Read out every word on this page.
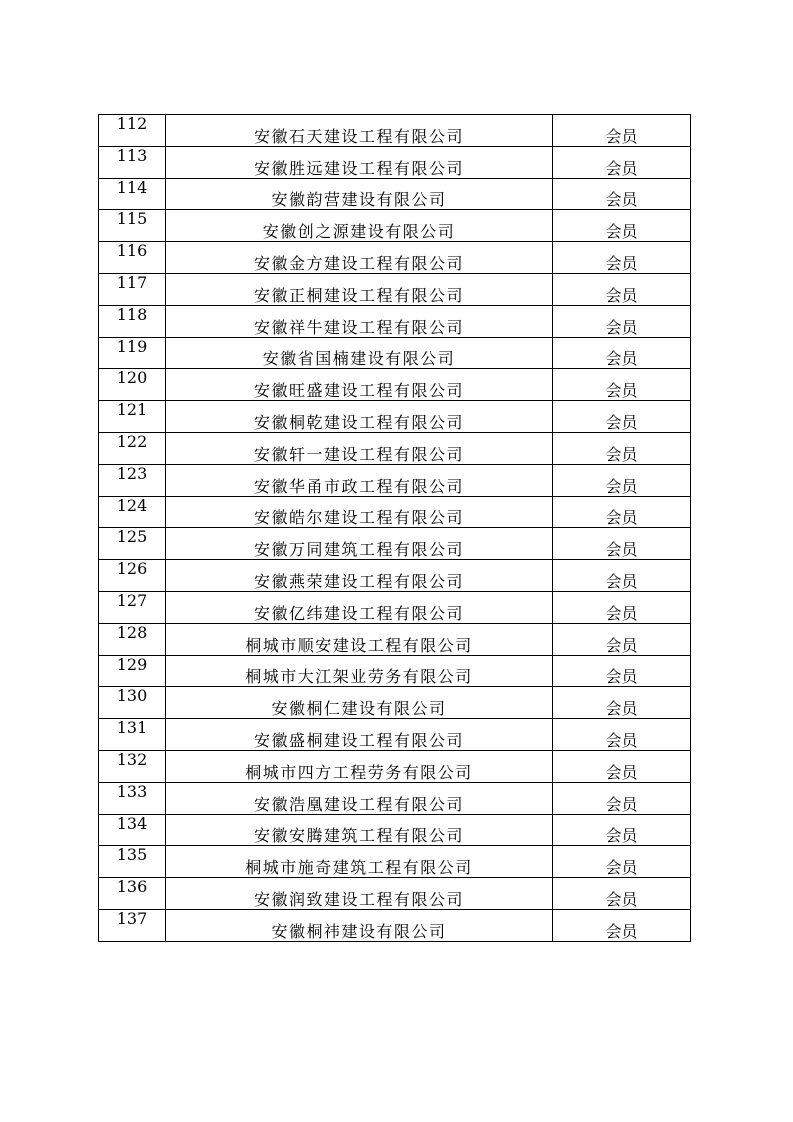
112	安徽石天建设工程有限公司	会员
113	安徽胜远建设工程有限公司	会员
114	安徽韵营建设有限公司	会员
115	安徽创之源建设有限公司	会员
116	安徽金方建设工程有限公司	会员
117	安徽正桐建设工程有限公司	会员
118	安徽祥牛建设工程有限公司	会员
119	安徽省国楠建设有限公司	会员
120	安徽旺盛建设工程有限公司	会员
121	安徽桐乾建设工程有限公司	会员
122	安徽轩一建设工程有限公司	会员
123	安徽华甬市政工程有限公司	会员
124	安徽皓尔建设工程有限公司	会员
125	安徽万同建筑工程有限公司	会员
126	安徽燕荣建设工程有限公司	会员
127	安徽亿纬建设工程有限公司	会员
128	桐城市顺安建设工程有限公司	会员
129	桐城市大江架业劳务有限公司	会员
130	安徽桐仁建设有限公司	会员
131	安徽盛桐建设工程有限公司	会员
132	桐城市四方工程劳务有限公司	会员
133	安徽浩凰建设工程有限公司	会员
134	安徽安腾建筑工程有限公司	会员
135	桐城市施奇建筑工程有限公司	会员
136	安徽润致建设工程有限公司	会员
137	安徽桐祎建设有限公司	会员
